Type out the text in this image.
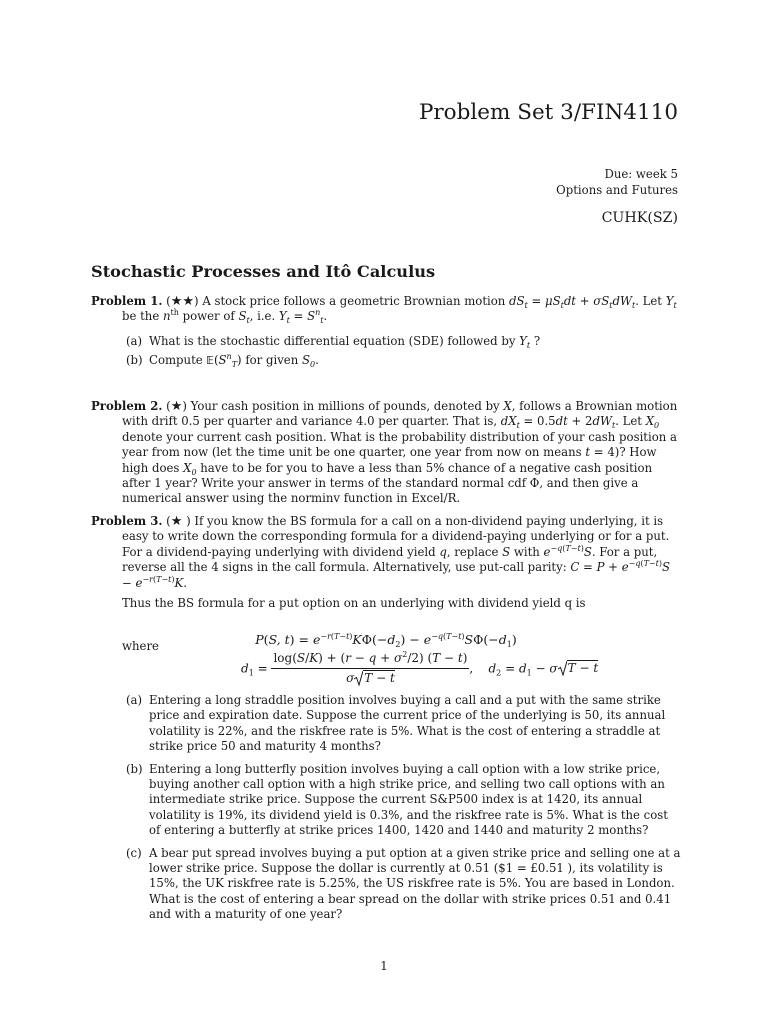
Problem Set 3/FIN4110
Due: week 5
Options and Futures
CUHK(SZ)
Stochastic Processes and Itô Calculus
Problem 1. (★★) A stock price follows a geometric Brownian motion $dS_t = \mu S_tdt + \sigma S_tdW_t$. Let $Y_t$ be the $n^{th}$ power of $S_t$, i.e. $Y_t = S^n_t$.
(a) What is the stochastic differential equation (SDE) followed by $Y_t$ ?
(b) Compute $𝔼(S^n_T)$ for given $S_0$.
Problem 2. (★) Your cash position in millions of pounds, denoted by X, follows a Brownian motion with drift 0.5 per quarter and variance 4.0 per quarter. That is, $dX_t = 0.5dt + 2dW_t$. Let $X_0$ denote your current cash position. What is the probability distribution of your cash position a year from now (let the time unit be one quarter, one year from now on means t = 4)? How high does $X_0$ have to be for you to have a less than 5% chance of a negative cash position after 1 year? Write your answer in terms of the standard normal cdf Φ, and then give a numerical answer using the norminv function in Excel/R.
Problem 3. (★ ) If you know the BS formula for a call on a non-dividend paying underlying, it is easy to write down the corresponding formula for a dividend-paying underlying or for a put. For a dividend-paying underlying with dividend yield q, replace S with $e^{-q(T-t)}S$. For a put, reverse all the 4 signs in the call formula. Alternatively, use put-call parity: $C = P + e^{-q(T-t)}S - e^{-r(T-t)}K$.
Thus the BS formula for a put option on an underlying with dividend yield q is
P(S, $t) = e^{-r(T-t)}K\Phi(-d_2) - e^{-q(T-t)}S\Phi(-d_1)$
where
$d_1 = \frac{\log(S/K) + (r - q + \sigma^2/2) (T - t)}{\text{σ T − t}}$ ,    $d_2 = d_1 - \sigma$ T − t
(a) Entering a long straddle position involves buying a call and a put with the same strike price and expiration date. Suppose the current price of the underlying is 50, its annual volatility is 22%, and the riskfree rate is 5%. What is the cost of entering a straddle at strike price 50 and maturity 4 months?
(b) Entering a long butterfly position involves buying a call option with a low strike price, buying another call option with a high strike price, and selling two call options with an intermediate strike price. Suppose the current S&P500 index is at 1420, its annual volatility is 19%, its dividend yield is 0.3%, and the riskfree rate is 5%. What is the cost of entering a butterfly at strike prices 1400, 1420 and 1440 and maturity 2 months?
(c) A bear put spread involves buying a put option at a given strike price and selling one at a lower strike price. Suppose the dollar is currently at 0.51 ($1 = £0.51 ), its volatility is 15%, the UK riskfree rate is 5.25%, the US riskfree rate is 5%. You are based in London. What is the cost of entering a bear spread on the dollar with strike prices 0.51 and 0.41 and with a maturity of one year?
1
